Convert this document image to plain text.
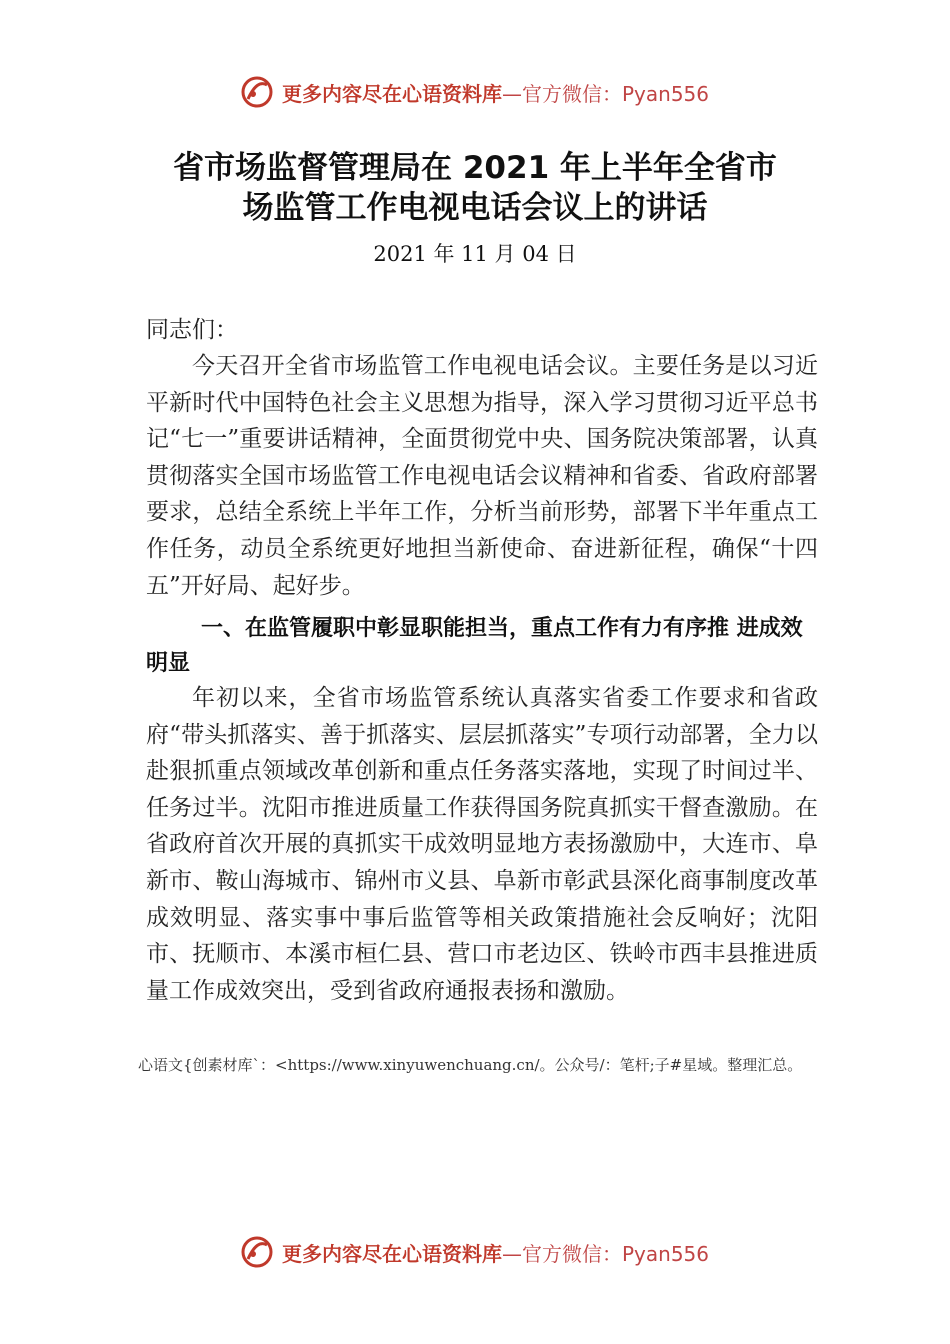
更多内容尽在心语资料库—官方微信：Pyan556
省市场监督管理局在 2021 年上半年全省市
场监管工作电视电话会议上的讲话
2021 年 11 月 04 日
同志们：
今天召开全省市场监管工作电视电话会议。主要任务是以习近平新时代中国特色社会主义思想为指导，深入学习贯彻习近平总书记“七一”重要讲话精神，全面贯彻党中央、国务院决策部署，认真贯彻落实全国市场监管工作电视电话会议精神和省委、省政府部署要求，总结全系统上半年工作，分析当前形势，部署下半年重点工作任务，动员全系统更好地担当新使命、奋进新征程，确保“十四五”开好局、起好步。
一、在监管履职中彰显职能担当，重点工作有力有序推 进成效明显
年初以来，全省市场监管系统认真落实省委工作要求和省政府“带头抓落实、善于抓落实、层层抓落实”专项行动部署，全力以赴狠抓重点领域改革创新和重点任务落实落地，实现了时间过半、任务过半。沈阳市推进质量工作获得国务院真抓实干督查激励。在省政府首次开展的真抓实干成效明显地方表扬激励中，大连市、阜新市、鞍山海城市、锦州市义县、阜新市彰武县深化商事制度改革成效明显、落实事中事后监管等相关政策措施社会反响好；沈阳市、抚顺市、本溪市桓仁县、营口市老边区、铁岭市西丰县推进质量工作成效突出，受到省政府通报表扬和激励。
心语文{创素材库`：<https://www.xinyuwenchuang.cn/。公众号/：笔杆;子#星域。整理汇总。
更多内容尽在心语资料库—官方微信：Pyan556
